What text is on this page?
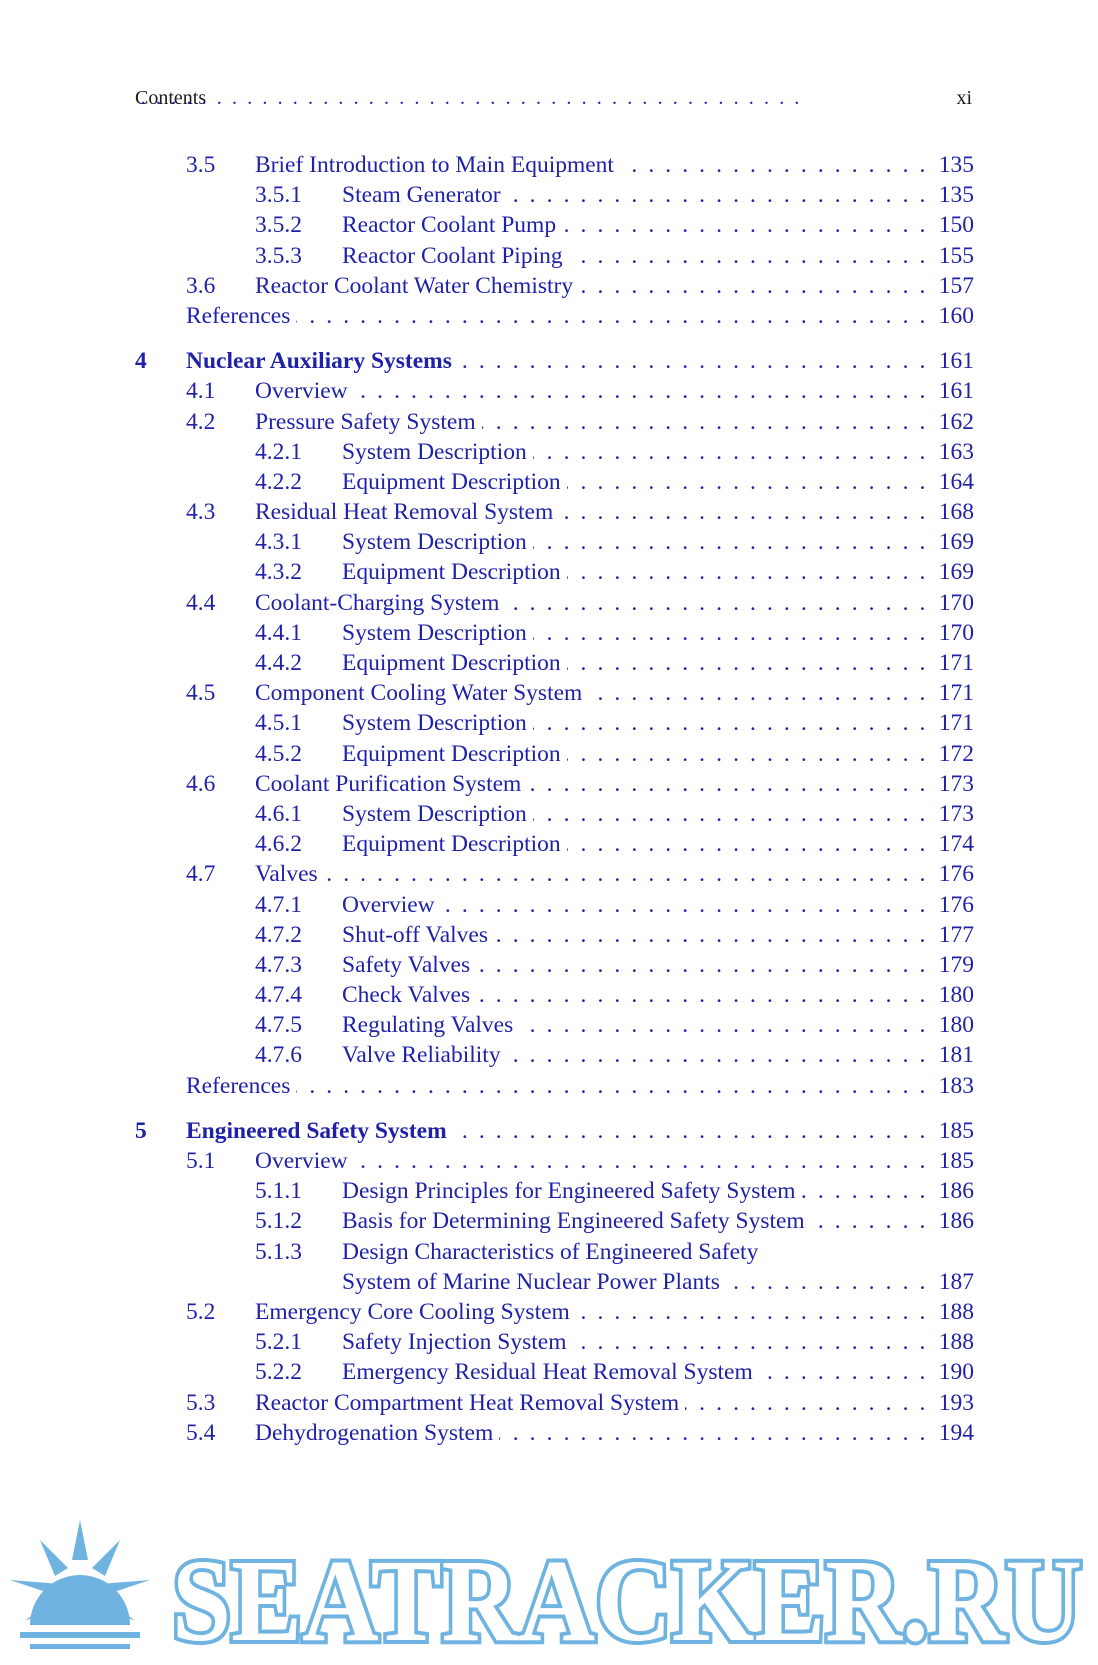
Contents . . .	xi
3.5 Brief Introduction to Main Equipment . . .	135
3.5.1 Steam Generator . . .	135
3.5.2 Reactor Coolant Pump . . .	150
3.5.3 Reactor Coolant Piping . . .	155
3.6 Reactor Coolant Water Chemistry . . .	157
References . . .	160
4 Nuclear Auxiliary Systems . . .	161
4.1 Overview . . .	161
4.2 Pressure Safety System . . .	162
4.2.1 System Description . . .	163
4.2.2 Equipment Description . . .	164
4.3 Residual Heat Removal System . . .	168
4.3.1 System Description . . .	169
4.3.2 Equipment Description . . .	169
4.4 Coolant-Charging System . . .	170
4.4.1 System Description . . .	170
4.4.2 Equipment Description . . .	171
4.5 Component Cooling Water System . . .	171
4.5.1 System Description . . .	171
4.5.2 Equipment Description . . .	172
4.6 Coolant Purification System . . .	173
4.6.1 System Description . . .	173
4.6.2 Equipment Description . . .	174
4.7 Valves . . .	176
4.7.1 Overview . . .	176
4.7.2 Shut-off Valves . . .	177
4.7.3 Safety Valves . . .	179
4.7.4 Check Valves . . .	180
4.7.5 Regulating Valves . . .	180
4.7.6 Valve Reliability . . .	181
References . . .	183
5 Engineered Safety System . . .	185
5.1 Overview . . .	185
5.1.1 Design Principles for Engineered Safety System . . .	186
5.1.2 Basis for Determining Engineered Safety System . . .	186
5.1.3 Design Characteristics of Engineered Safety
System of Marine Nuclear Power Plants . . .	187
5.2 Emergency Core Cooling System . . .	188
5.2.1 Safety Injection System . . .	188
5.2.2 Emergency Residual Heat Removal System . . .	190
5.3 Reactor Compartment Heat Removal System . . .	193
5.4 Dehydrogenation System . . .	194
SEATRACKER.RU
